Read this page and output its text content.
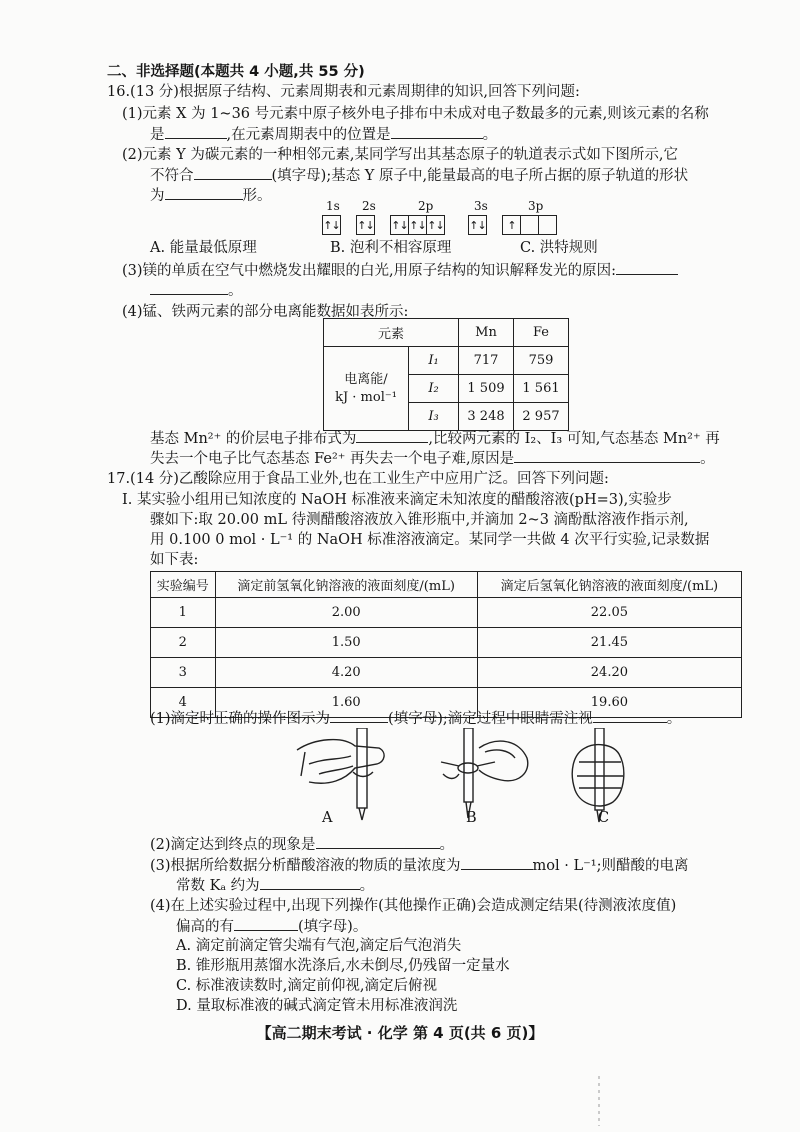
二、非选择题(本题共 4 小题,共 55 分)
16.(13 分)根据原子结构、元素周期表和元素周期律的知识,回答下列问题:
(1)元素 X 为 1~36 号元素中原子核外电子排布中未成对电子数最多的元素,则该元素的名称
是	,在元素周期表中的位置是	。
(2)元素 Y 为碳元素的一种相邻元素,某同学写出其基态原子的轨道表示式如下图所示,它
不符合	(填字母);基态 Y 原子中,能量最高的电子所占据的原子轨道的形状
为	形。
1s 2s	2p	3s	3p
↑↓ ↑↓ ↑↓ ↑↓ ↑↓ ↑↓	↑
A. 能量最低原理	B. 泡利不相容原理	C. 洪特规则
(3)镁的单质在空气中燃烧发出耀眼的白光,用原子结构的知识解释发光的原因:
。
(4)锰、铁两元素的部分电离能数据如表所示:
元素		Mn	Fe
电离能/
kJ · mol⁻¹	I₁	717	759
	I₂	1 509	1 561
	I₃	3 248	2 957
基态 Mn²⁺ 的价层电子排布式为	,比较两元素的 I₂、I₃ 可知,气态基态 Mn²⁺ 再
失去一个电子比气态基态 Fe²⁺ 再失去一个电子难,原因是	。
17.(14 分)乙酸除应用于食品工业外,也在工业生产中应用广泛。回答下列问题:
Ⅰ. 某实验小组用已知浓度的 NaOH 标准液来滴定未知浓度的醋酸溶液(pH=3),实验步
骤如下:取 20.00 mL 待测醋酸溶液放入锥形瓶中,并滴加 2~3 滴酚酞溶液作指示剂,
用 0.100 0 mol · L⁻¹ 的 NaOH 标准溶液滴定。某同学一共做 4 次平行实验,记录数据
如下表:
实验编号	滴定前氢氧化钠溶液的液面刻度/(mL)	滴定后氢氧化钠溶液的液面刻度/(mL)
1	2.00	22.05
2	1.50	21.45
3	4.20	24.20
4	1.60	19.60
(1)滴定时正确的操作图示为	(填字母);滴定过程中眼睛需注视	。
A	B	C
(2)滴定达到终点的现象是	。
(3)根据所给数据分析醋酸溶液的物质的量浓度为	mol · L⁻¹;则醋酸的电离
常数 Kₐ 约为	。
(4)在上述实验过程中,出现下列操作(其他操作正确)会造成测定结果(待测液浓度值)
偏高的有	(填字母)。
A. 滴定前滴定管尖端有气泡,滴定后气泡消失
B. 锥形瓶用蒸馏水洗涤后,水未倒尽,仍残留一定量水
C. 标准液读数时,滴定前仰视,滴定后俯视
D. 量取标准液的碱式滴定管未用标准液润洗
【高二期末考试 · 化学 第 4 页(共 6 页)】
